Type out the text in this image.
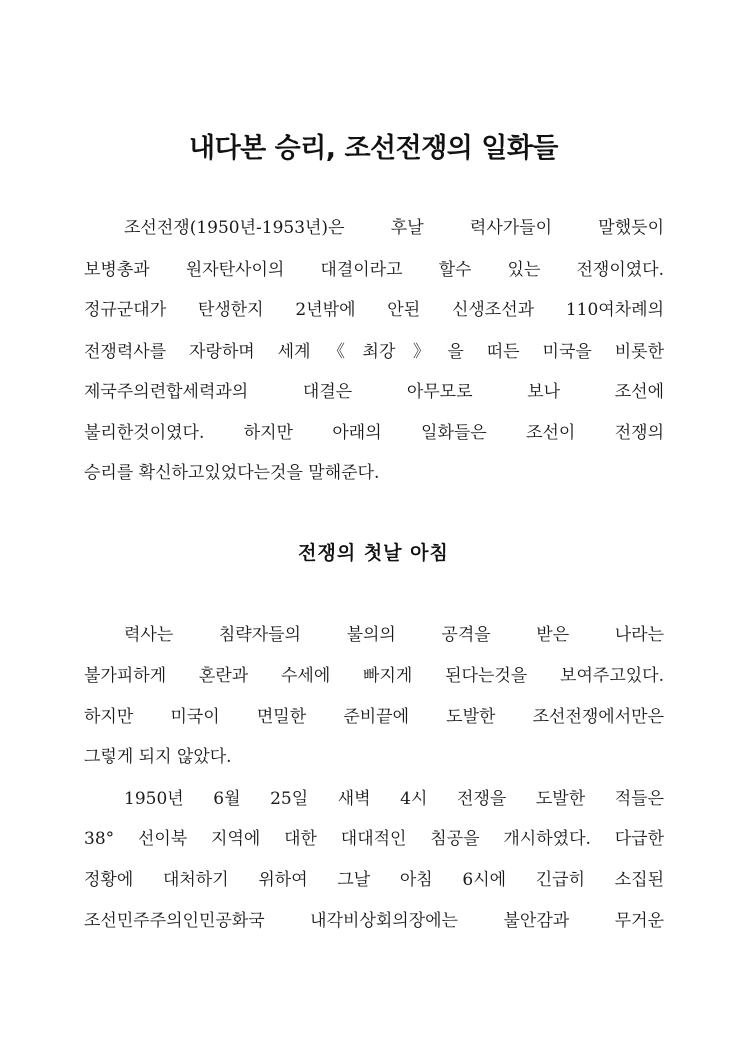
내다본 승리, 조선전쟁의 일화들
조선전쟁(1950년-1953년)은 후날 력사가들이 말했듯이
보병총과 원자탄사이의 대결이라고 할수 있는 전쟁이였다.
정규군대가 탄생한지 2년밖에 안된 신생조선과 110여차례의
전쟁력사를 자랑하며 세계《최강》을 떠든 미국을 비롯한
제국주의련합세력과의 대결은 아무모로 보나 조선에
불리한것이였다. 하지만 아래의 일화들은 조선이 전쟁의
승리를 확신하고있었다는것을 말해준다.
전쟁의 첫날 아침
력사는 침략자들의 불의의 공격을 받은 나라는
불가피하게 혼란과 수세에 빠지게 된다는것을 보여주고있다.
하지만 미국이 면밀한 준비끝에 도발한 조선전쟁에서만은
그렇게 되지 않았다.
1950년 6월 25일 새벽 4시 전쟁을 도발한 적들은
38° 선이북 지역에 대한 대대적인 침공을 개시하였다. 다급한
정황에 대처하기 위하여 그날 아침 6시에 긴급히 소집된
조선민주주의인민공화국 내각비상회의장에는 불안감과 무거운
